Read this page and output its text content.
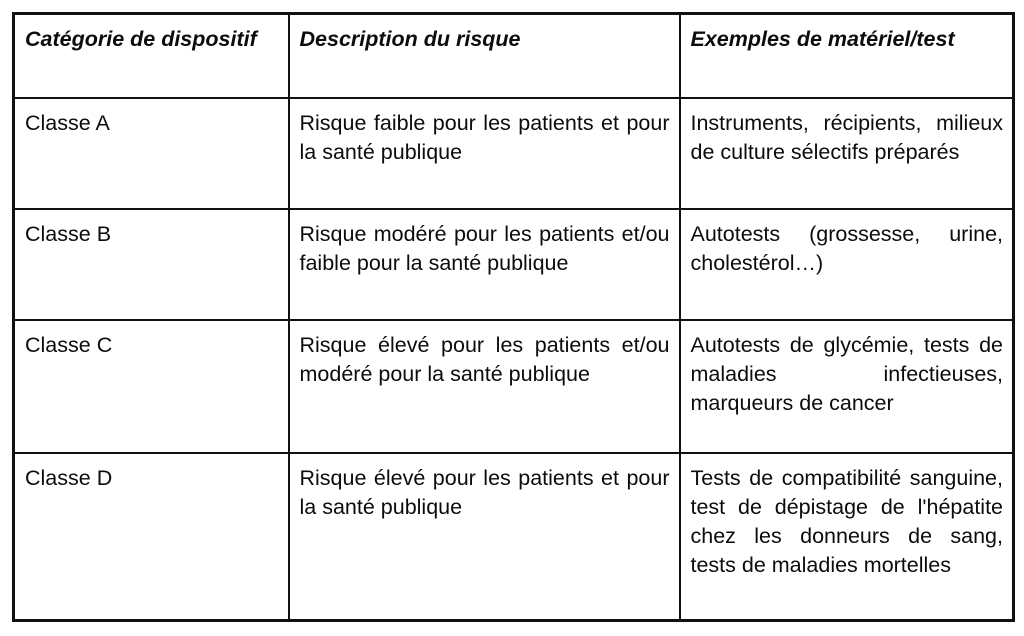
Catégorie de dispositif	Description du risque	Exemples de matériel/test
Classe A	Risque faible pour les patients et pour la santé publique	Instruments, récipients, milieux de culture sélectifs préparés
Classe B	Risque modéré pour les patients et/ou faible pour la santé publique	Autotests (grossesse, urine, cholestérol…)
Classe C	Risque élevé pour les patients et/ou modéré pour la santé publique	Autotests de glycémie, tests de maladies infectieuses, marqueurs de cancer
Classe D	Risque élevé pour les patients et pour la santé publique	Tests de compatibilité sanguine, test de dépistage de l'hépatite chez les donneurs de sang, tests de maladies mortelles
